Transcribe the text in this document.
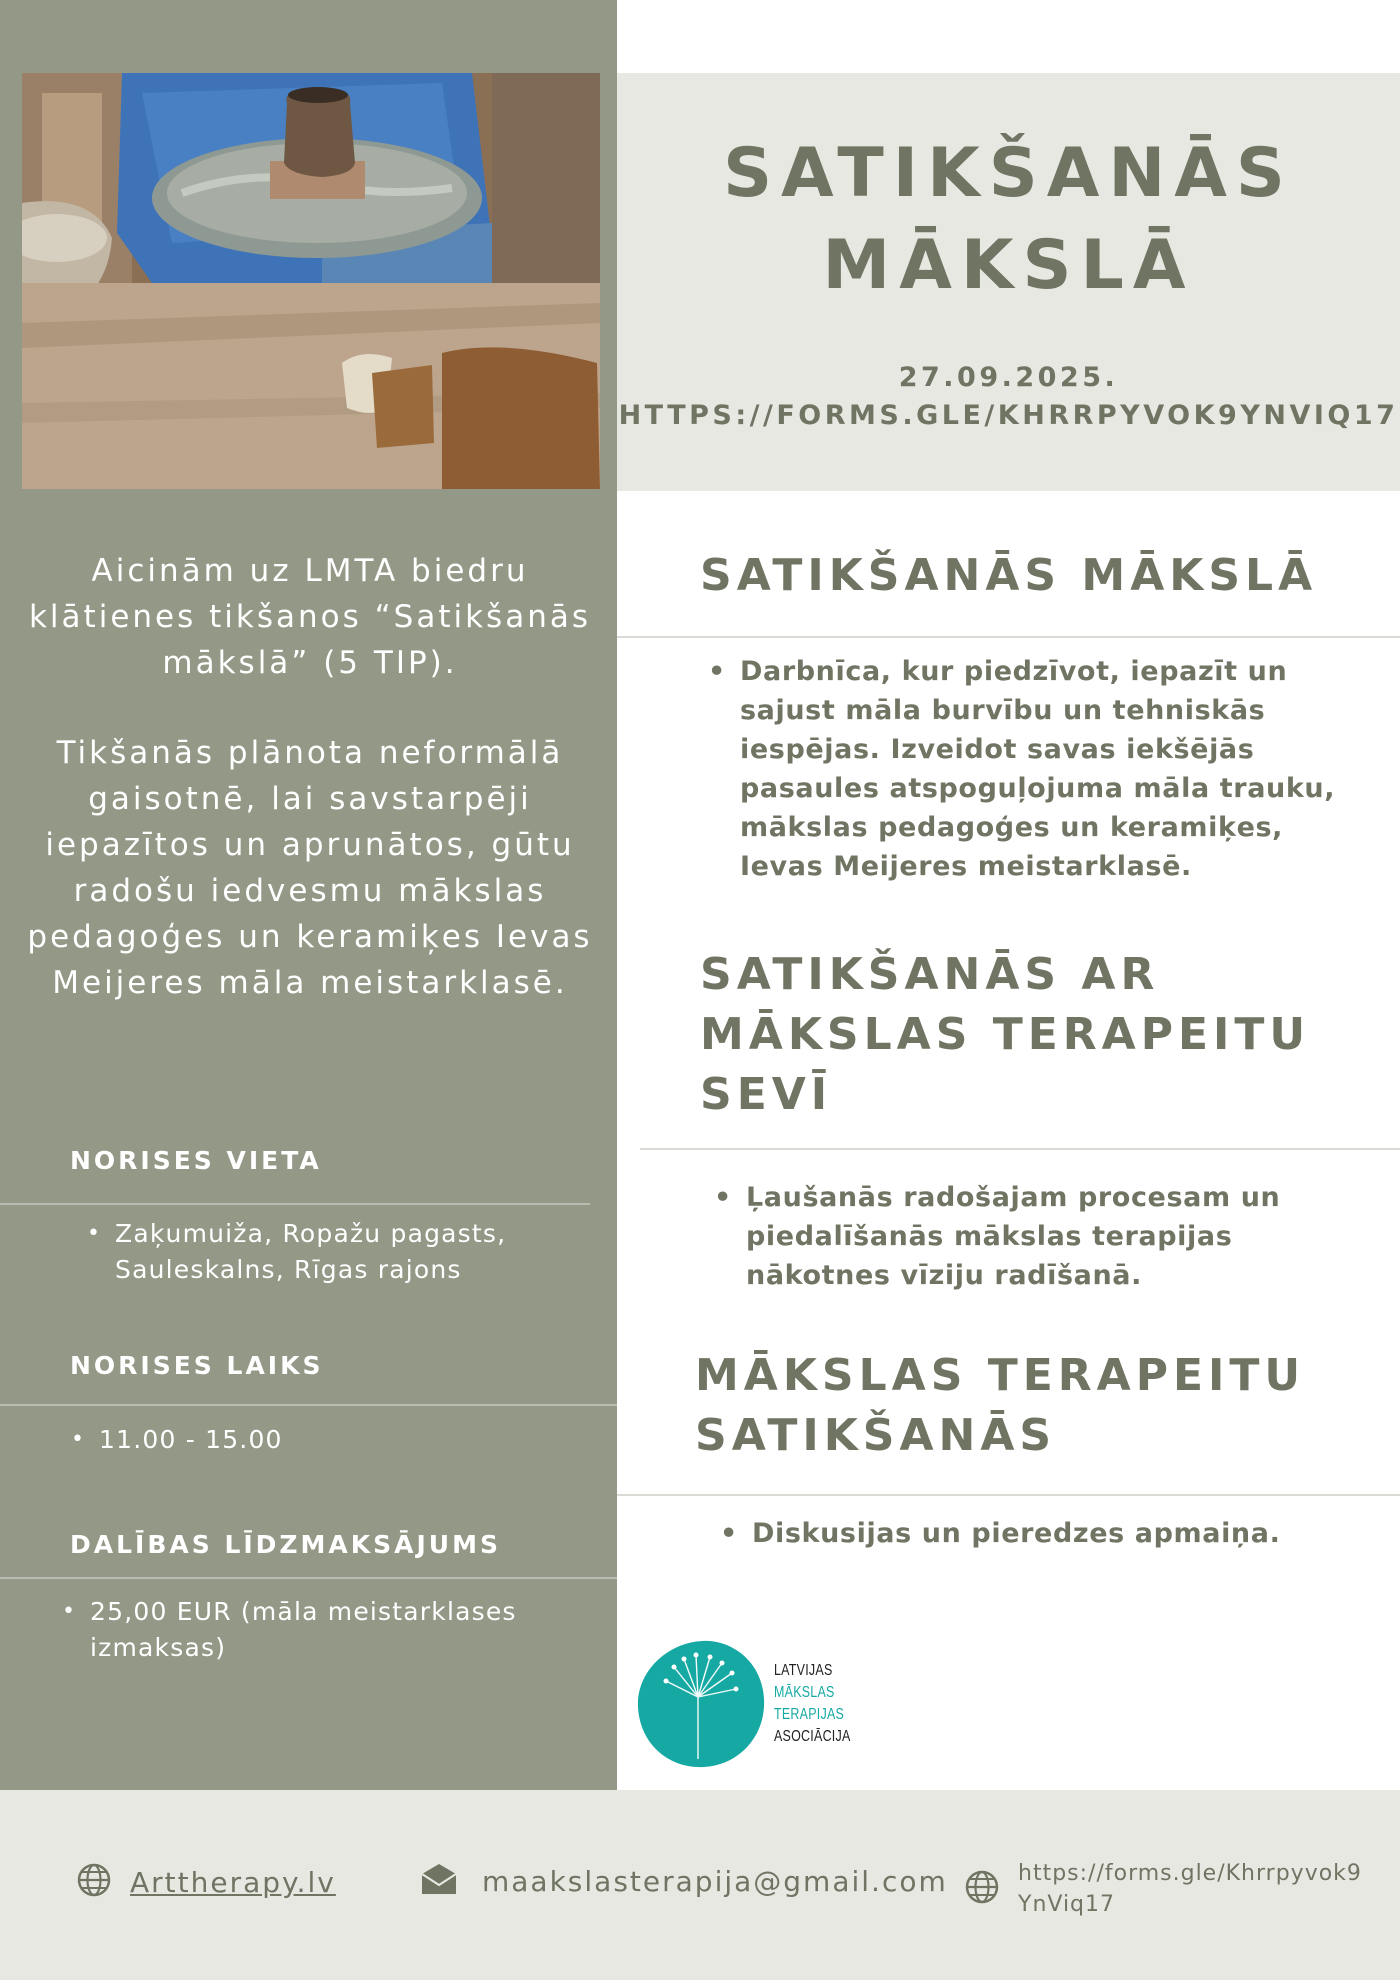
SATIKŠANĀS
MĀKSLĀ
27.09.2025.
HTTPS://FORMS.GLE/KHRRPYVOK9YNVIQ17

Aicinām uz LMTA biedru klātienes tikšanos “Satikšanās mākslā” (5 TIP).

Tikšanās plānota neformālā gaisotnē, lai savstarpēji iepazītos un aprunātos, gūtu radošu iedvesmu mākslas pedagoģes un keramiķes Ievas Meijeres māla meistarklasē.

NORISES VIETA
• Zaķumuiža, Ropažu pagasts,
Sauleskalns, Rīgas rajons
NORISES LAIKS
• 11.00 - 15.00
DALĪBAS LĪDZMAKSĀJUMS
• 25,00 EUR (māla meistarklases
izmaksas)
SATIKŠANĀS MĀKSLĀ
• Darbnīca, kur piedzīvot, iepazīt un
sajust māla burvību un tehniskās
iespējas. Izveidot savas iekšējās
pasaules atspoguļojuma māla trauku,
mākslas pedagoģes un keramiķes,
Ievas Meijeres meistarklasē.
SATIKŠANĀS AR
MĀKSLAS TERAPEITU
SEVĪ
• Ļaušanās radošajam procesam un
piedalīšanās mākslas terapijas
nākotnes vīziju radīšanā.
MĀKSLAS TERAPEITU
SATIKŠANĀS
• Diskusijas un pieredzes apmaiņa.
LATVIJAS
MĀKSLAS
TERAPIJAS
ASOCIĀCIJA
Arttherapy.lv	maakslasterapija@gmail.com	https://forms.gle/Khrrpyvok9
YnViq17
